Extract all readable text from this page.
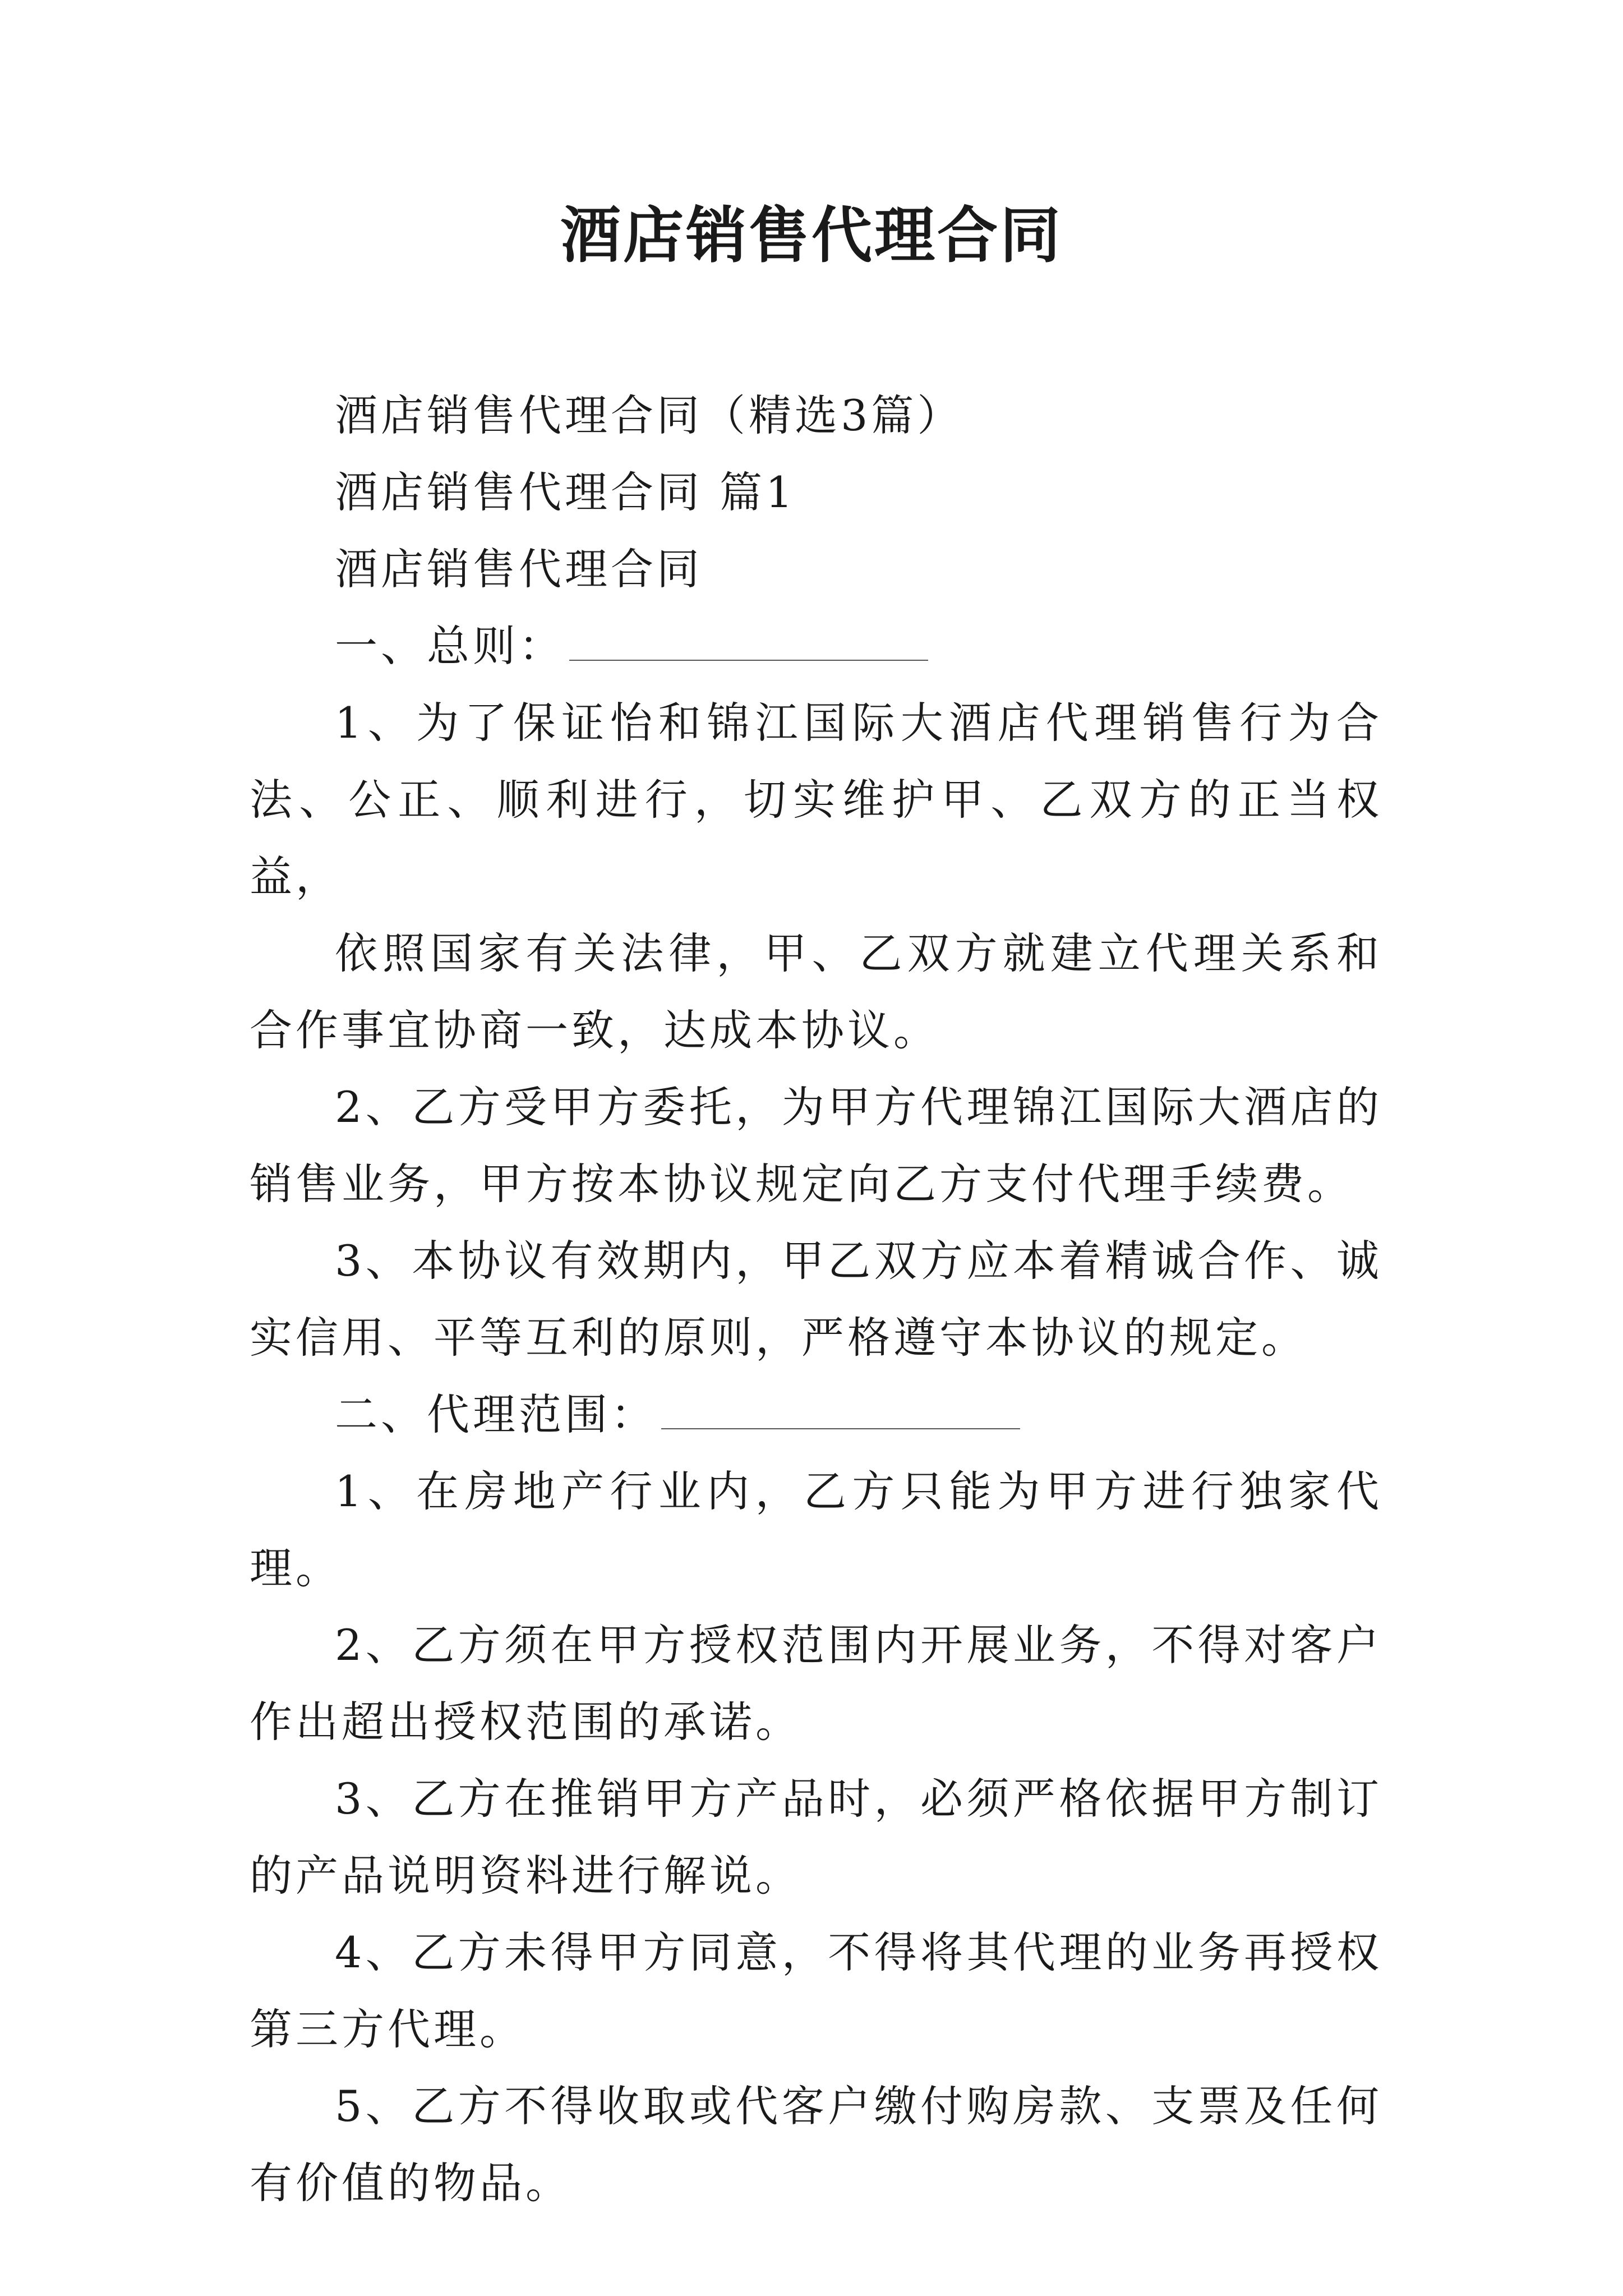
酒店销售代理合同

酒店销售代理合同（精选3篇）

酒店销售代理合同 篇1

酒店销售代理合同

一、总则：

1、为了保证怡和锦江国际大酒店代理销售行为合法、公正、顺利进行，切实维护甲、乙双方的正当权益，

依照国家有关法律，甲、乙双方就建立代理关系和合作事宜协商一致，达成本协议。

2、乙方受甲方委托，为甲方代理锦江国际大酒店的销售业务，甲方按本协议规定向乙方支付代理手续费。

3、本协议有效期内，甲乙双方应本着精诚合作、诚实信用、平等互利的原则，严格遵守本协议的规定。

二、代理范围：

1、在房地产行业内，乙方只能为甲方进行独家代理。

2、乙方须在甲方授权范围内开展业务，不得对客户作出超出授权范围的承诺。

3、乙方在推销甲方产品时，必须严格依据甲方制订的产品说明资料进行解说。

4、乙方未得甲方同意，不得将其代理的业务再授权第三方代理。

5、乙方不得收取或代客户缴付购房款、支票及任何有价值的物品。
